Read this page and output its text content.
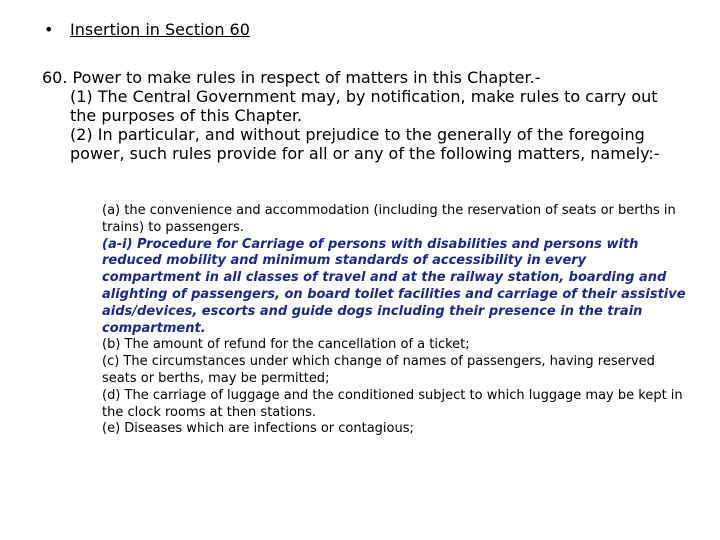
• Insertion in Section 60

60. Power to make rules in respect of matters in this Chapter.-

(1) The Central Government may, by notification, make rules to carry out the purposes of this Chapter.

(2) In particular, and without prejudice to the generally of the foregoing power, such rules provide for all or any of the following matters, namely:-

(a) the convenience and accommodation (including the reservation of seats or berths in trains) to passengers.

(a-i) Procedure for Carriage of persons with disabilities and persons with reduced mobility and minimum standards of accessibility in every compartment in all classes of travel and at the railway station, boarding and alighting of passengers, on board toilet facilities and carriage of their assistive aids/devices, escorts and guide dogs including their presence in the train compartment.

(b) The amount of refund for the cancellation of a ticket;

(c) The circumstances under which change of names of passengers, having reserved seats or berths, may be permitted;

(d) The carriage of luggage and the conditioned subject to which luggage may be kept in the clock rooms at then stations.

(e) Diseases which are infections or contagious;
